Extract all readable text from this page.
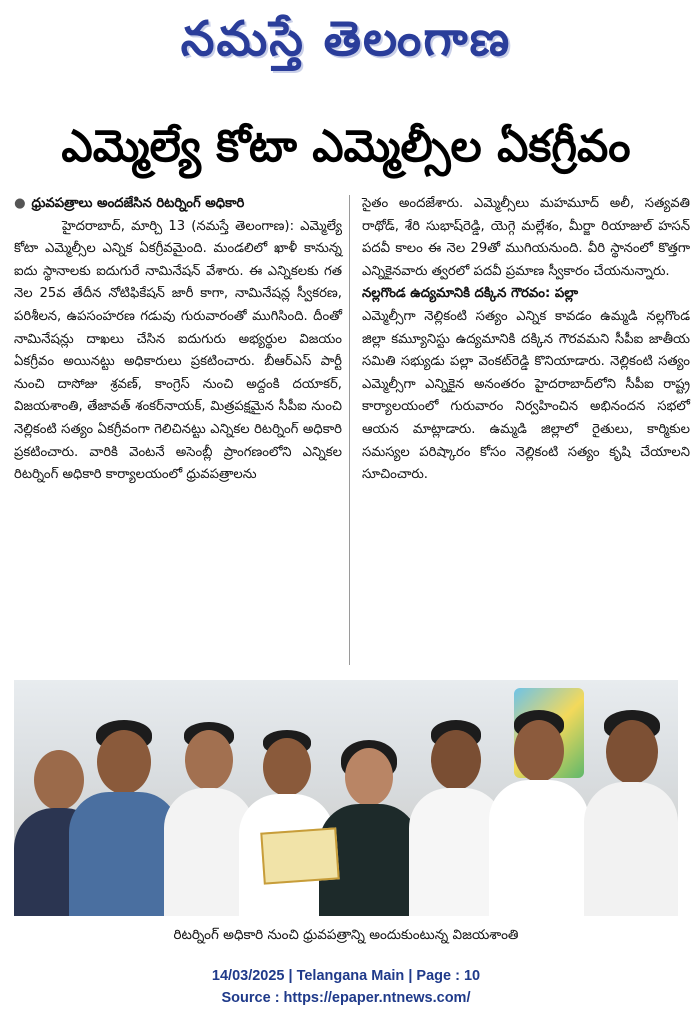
నమస్తే తెలంగాణ
ఎమ్మెల్యే కోటా ఎమ్మెల్సీల ఏకగ్రీవం
● ధ్రువపత్రాలు అందజేసిన రిటర్నింగ్ అధికారి
హైదరాబాద్, మార్చి 13 (నమస్తే తెలంగాణ): ఎమ్మెల్యే కోటా ఎమ్మెల్సీల ఎన్నిక ఏకగ్రీవమైంది. మండలిలో ఖాళీ కానున్న ఐదు స్థానాలకు ఐదుగురే నామినేషన్ వేశారు. ఈ ఎన్నికలకు గత నెల 25వ తేదీన నోటిఫికేషన్ జారీ కాగా, నామినేషన్ల స్వీకరణ, పరిశీలన, ఉపసంహరణ గడువు గురువారంతో ముగిసింది. దీంతో నామినేషన్లు దాఖలు చేసిన ఐదుగురు అభ్యర్థుల విజయం ఏకగ్రీవం అయినట్టు అధికారులు ప్రకటించారు. బీఆర్ఎస్ పార్టీ నుంచి దాసోజు శ్రవణ్, కాంగ్రెస్ నుంచి అద్దంకి దయాకర్, విజయశాంతి, తేజావత్ శంకర్‌నాయక్, మిత్రపక్షమైన సీపీఐ నుంచి నెల్లికంటి సత్యం ఏకగ్రీవంగా గెలిచినట్టు ఎన్నికల రిటర్నింగ్ అధికారి ప్రకటించారు. వారికి వెంటనే అసెంబ్లీ ప్రాంగణంలోని ఎన్నికల రిటర్నింగ్ అధికారి కార్యాలయంలో ధ్రువపత్రాలను
సైతం అందజేశారు. ఎమ్మెల్సీలు మహమూద్ అలీ, సత్యవతి రాథోడ్, శేరి సుభాష్‌రెడ్డి, యెగ్గె మల్లేశం, మీర్జా రియాజుల్ హసన్ పదవీ కాలం ఈ నెల 29తో ముగియనుంది. వీరి స్థానంలో కొత్తగా ఎన్నికైనవారు త్వరలో పదవీ ప్రమాణ స్వీకారం చేయనున్నారు.
నల్లగొండ ఉద్యమానికి దక్కిన గౌరవం: పల్లా
ఎమ్మెల్సీగా నెల్లికంటి సత్యం ఎన్నిక కావడం ఉమ్మడి నల్లగొండ జిల్లా కమ్యూనిస్టు ఉద్యమానికి దక్కిన గౌరవమని సీపీఐ జాతీయ సమితి సభ్యుడు పల్లా వెంకట్‌రెడ్డి కొనియాడారు. నెల్లికంటి సత్యం ఎమ్మెల్సీగా ఎన్నికైన అనంతరం హైదరాబాద్‌లోని సీపీఐ రాష్ట్ర కార్యాలయంలో గురువారం నిర్వహించిన అభినందన సభలో ఆయన మాట్లాడారు. ఉమ్మడి జిల్లాలో రైతులు, కార్మికుల సమస్యల పరిష్కారం కోసం నెల్లికంటి సత్యం కృషి చేయాలని సూచించారు.
రిటర్నింగ్ అధికారి నుంచి ధ్రువపత్రాన్ని అందుకుంటున్న విజయశాంతి
14/03/2025 | Telangana Main | Page : 10
Source : https://epaper.ntnews.com/
